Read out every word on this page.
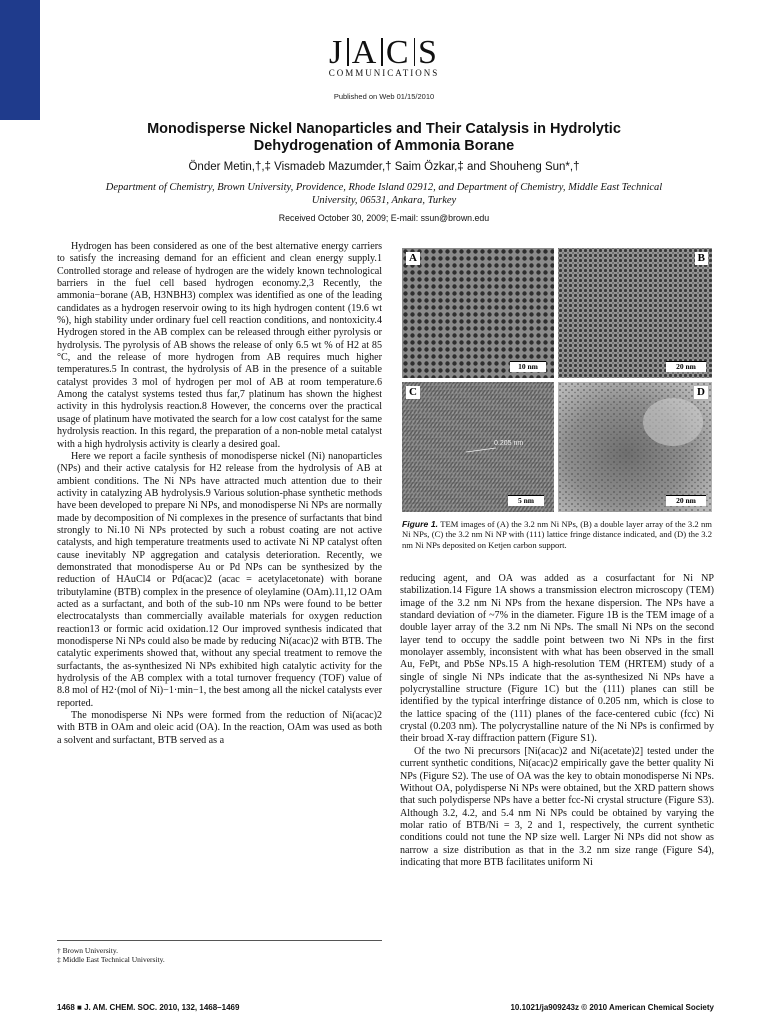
J A C S
COMMUNICATIONS
Published on Web 01/15/2010
Monodisperse Nickel Nanoparticles and Their Catalysis in Hydrolytic Dehydrogenation of Ammonia Borane
Önder Metin,†,‡ Vismadeb Mazumder,† Saim Özkar,‡ and Shouheng Sun*,†
Department of Chemistry, Brown University, Providence, Rhode Island 02912, and Department of Chemistry, Middle East Technical University, 06531, Ankara, Turkey
Received October 30, 2009; E-mail: ssun@brown.edu

Hydrogen has been considered as one of the best alternative energy carriers to satisfy the increasing demand for an efficient and clean energy supply.1 Controlled storage and release of hydrogen are the widely known technological barriers in the fuel cell based hydrogen economy.2,3 Recently, the ammonia−borane (AB, H3NBH3) complex was identified as one of the leading candidates as a hydrogen reservoir owing to its high hydrogen content (19.6 wt %), high stability under ordinary fuel cell reaction conditions, and nontoxicity.4 Hydrogen stored in the AB complex can be released through either pyrolysis or hydrolysis. The pyrolysis of AB shows the release of only 6.5 wt % of H2 at 85 °C, and the release of more hydrogen from AB requires much higher temperatures.5 In contrast, the hydrolysis of AB in the presence of a suitable catalyst provides 3 mol of hydrogen per mol of AB at room temperature.6 Among the catalyst systems tested thus far,7 platinum has shown the highest activity in this hydrolysis reaction.8 However, the concerns over the practical usage of platinum have motivated the search for a low cost catalyst for the same hydrolysis reaction. In this regard, the preparation of a non-noble metal catalyst with a high hydrolysis activity is clearly a desired goal.

Here we report a facile synthesis of monodisperse nickel (Ni) nanoparticles (NPs) and their active catalysis for H2 release from the hydrolysis of AB at ambient conditions. The Ni NPs have attracted much attention due to their activity in catalyzing AB hydrolysis.9 Various solution-phase synthetic methods have been developed to prepare Ni NPs, and monodisperse Ni NPs are normally made by decomposition of Ni complexes in the presence of surfactants that bind strongly to Ni.10 Ni NPs protected by such a robust coating are not active catalysts, and high temperature treatments used to activate Ni NP catalyst often cause inevitably NP aggregation and catalysis deterioration. Recently, we demonstrated that monodisperse Au or Pd NPs can be synthesized by the reduction of HAuCl4 or Pd(acac)2 (acac = acetylacetonate) with borane tributylamine (BTB) complex in the presence of oleylamine (OAm).11,12 OAm acted as a surfactant, and both of the sub-10 nm NPs were found to be better electrocatalysts than commercially available materials for oxygen reduction reaction13 or formic acid oxidation.12 Our improved synthesis indicated that monodisperse Ni NPs could also be made by reducing Ni(acac)2 with BTB. The catalytic experiments showed that, without any special treatment to remove the surfactants, the as-synthesized Ni NPs exhibited high catalytic activity for the hydrolysis of the AB complex with a total turnover frequency (TOF) value of 8.8 mol of H2·(mol of Ni)−1·min−1, the best among all the nickel catalysts ever reported.

The monodisperse Ni NPs were formed from the reduction of Ni(acac)2 with BTB in OAm and oleic acid (OA). In the reaction, OAm was used as both a solvent and surfactant, BTB served as a

† Brown University.
‡ Middle East Technical University.
A
10 nm
B
20 nm
C
0.205 nm
5 nm
D
20 nm
Figure 1. TEM images of (A) the 3.2 nm Ni NPs, (B) a double layer array of the 3.2 nm Ni NPs, (C) the 3.2 nm Ni NP with (111) lattice fringe distance indicated, and (D) the 3.2 nm Ni NPs deposited on Ketjen carbon support.

reducing agent, and OA was added as a cosurfactant for Ni NP stabilization.14 Figure 1A shows a transmission electron microscopy (TEM) image of the 3.2 nm Ni NPs from the hexane dispersion. The NPs have a standard deviation of ~7% in the diameter. Figure 1B is the TEM image of a double layer array of the 3.2 nm Ni NPs. The small Ni NPs on the second layer tend to occupy the saddle point between two Ni NPs in the first monolayer assembly, inconsistent with what has been observed in the small Au, FePt, and PbSe NPs.15 A high-resolution TEM (HRTEM) study of a single of single Ni NPs indicate that the as-synthesized Ni NPs have a polycrystalline structure (Figure 1C) but the (111) planes can still be identified by the typical interfringe distance of 0.205 nm, which is close to the lattice spacing of the (111) planes of the face-centered cubic (fcc) Ni crystal (0.203 nm). The polycrystalline nature of the Ni NPs is confirmed by their broad X-ray diffraction pattern (Figure S1).

Of the two Ni precursors [Ni(acac)2 and Ni(acetate)2] tested under the current synthetic conditions, Ni(acac)2 empirically gave the better quality Ni NPs (Figure S2). The use of OA was the key to obtain monodisperse Ni NPs. Without OA, polydisperse Ni NPs were obtained, but the XRD pattern shows that such polydisperse NPs have a better fcc-Ni crystal structure (Figure S3). Although 3.2, 4.2, and 5.4 nm Ni NPs could be obtained by varying the molar ratio of BTB/Ni = 3, 2 and 1, respectively, the current synthetic conditions could not tune the NP size well. Larger Ni NPs did not show as narrow a size distribution as that in the 3.2 nm size range (Figure S4), indicating that more BTB facilitates uniform Ni

1468 ■ J. AM. CHEM. SOC. 2010, 132, 1468–1469	10.1021/ja909243z © 2010 American Chemical Society
